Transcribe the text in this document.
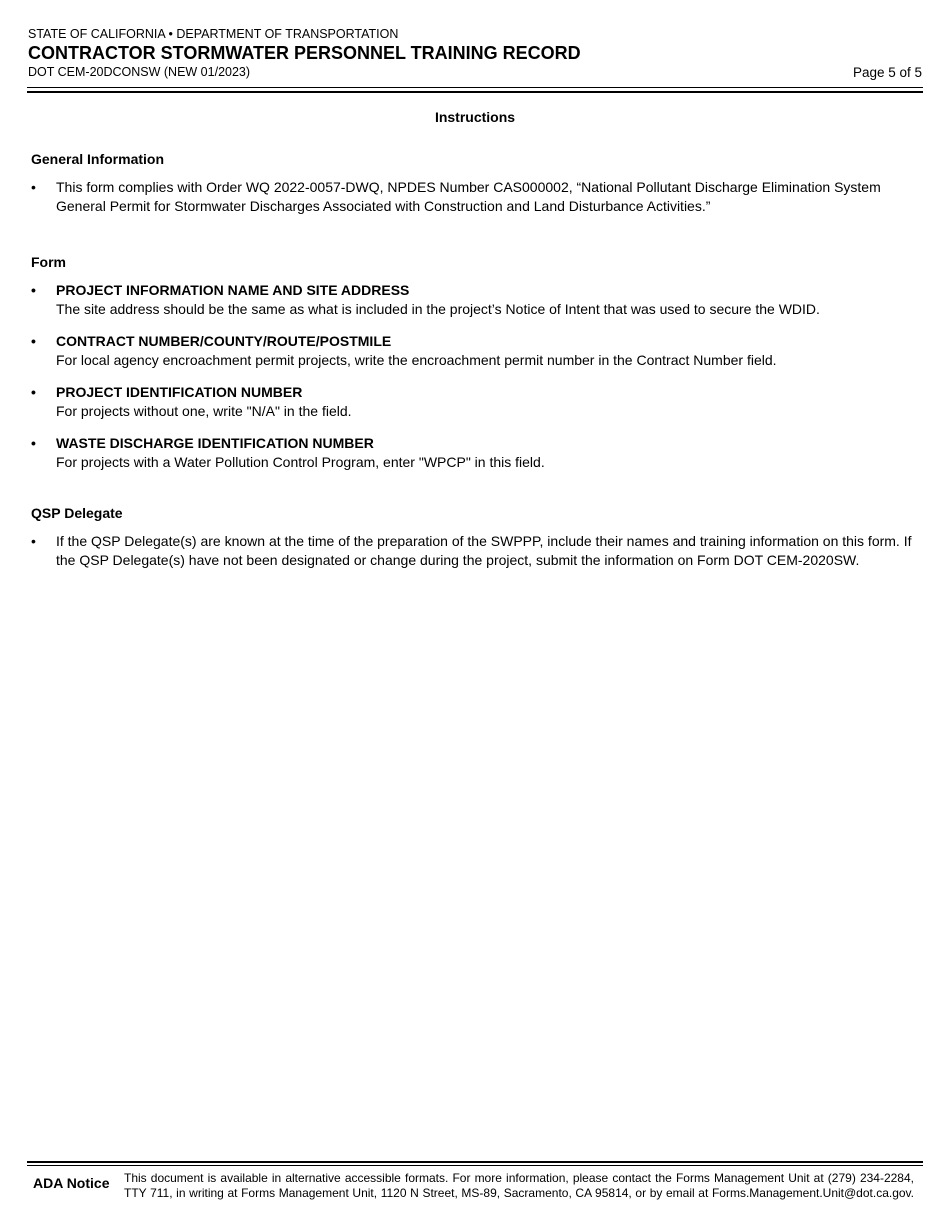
STATE OF CALIFORNIA • DEPARTMENT OF TRANSPORTATION
CONTRACTOR STORMWATER PERSONNEL TRAINING RECORD
DOT CEM-20DCONSW (NEW 01/2023)	Page 5 of 5
Instructions
General Information
•	This form complies with Order WQ 2022-0057-DWQ, NPDES Number CAS000002, “National Pollutant Discharge Elimination System General Permit for Stormwater Discharges Associated with Construction and Land Disturbance Activities.”
Form
•	PROJECT INFORMATION NAME AND SITE ADDRESS
The site address should be the same as what is included in the project’s Notice of Intent that was used to secure the WDID.
•	CONTRACT NUMBER/COUNTY/ROUTE/POSTMILE
For local agency encroachment permit projects, write the encroachment permit number in the Contract Number field.
•	PROJECT IDENTIFICATION NUMBER
For projects without one, write "N/A" in the field.
•	WASTE DISCHARGE IDENTIFICATION NUMBER
For projects with a Water Pollution Control Program, enter "WPCP" in this field.
QSP Delegate
•	If the QSP Delegate(s) are known at the time of the preparation of the SWPPP, include their names and training information on this form. If the QSP Delegate(s) have not been designated or change during the project, submit the information on Form DOT CEM-2020SW.
ADA Notice This document is available in alternative accessible formats. For more information, please contact the Forms Management Unit at (279) 234-2284, TTY 711, in writing at Forms Management Unit, 1120 N Street, MS-89, Sacramento, CA 95814, or by email at Forms.Management.Unit@dot.ca.gov.
